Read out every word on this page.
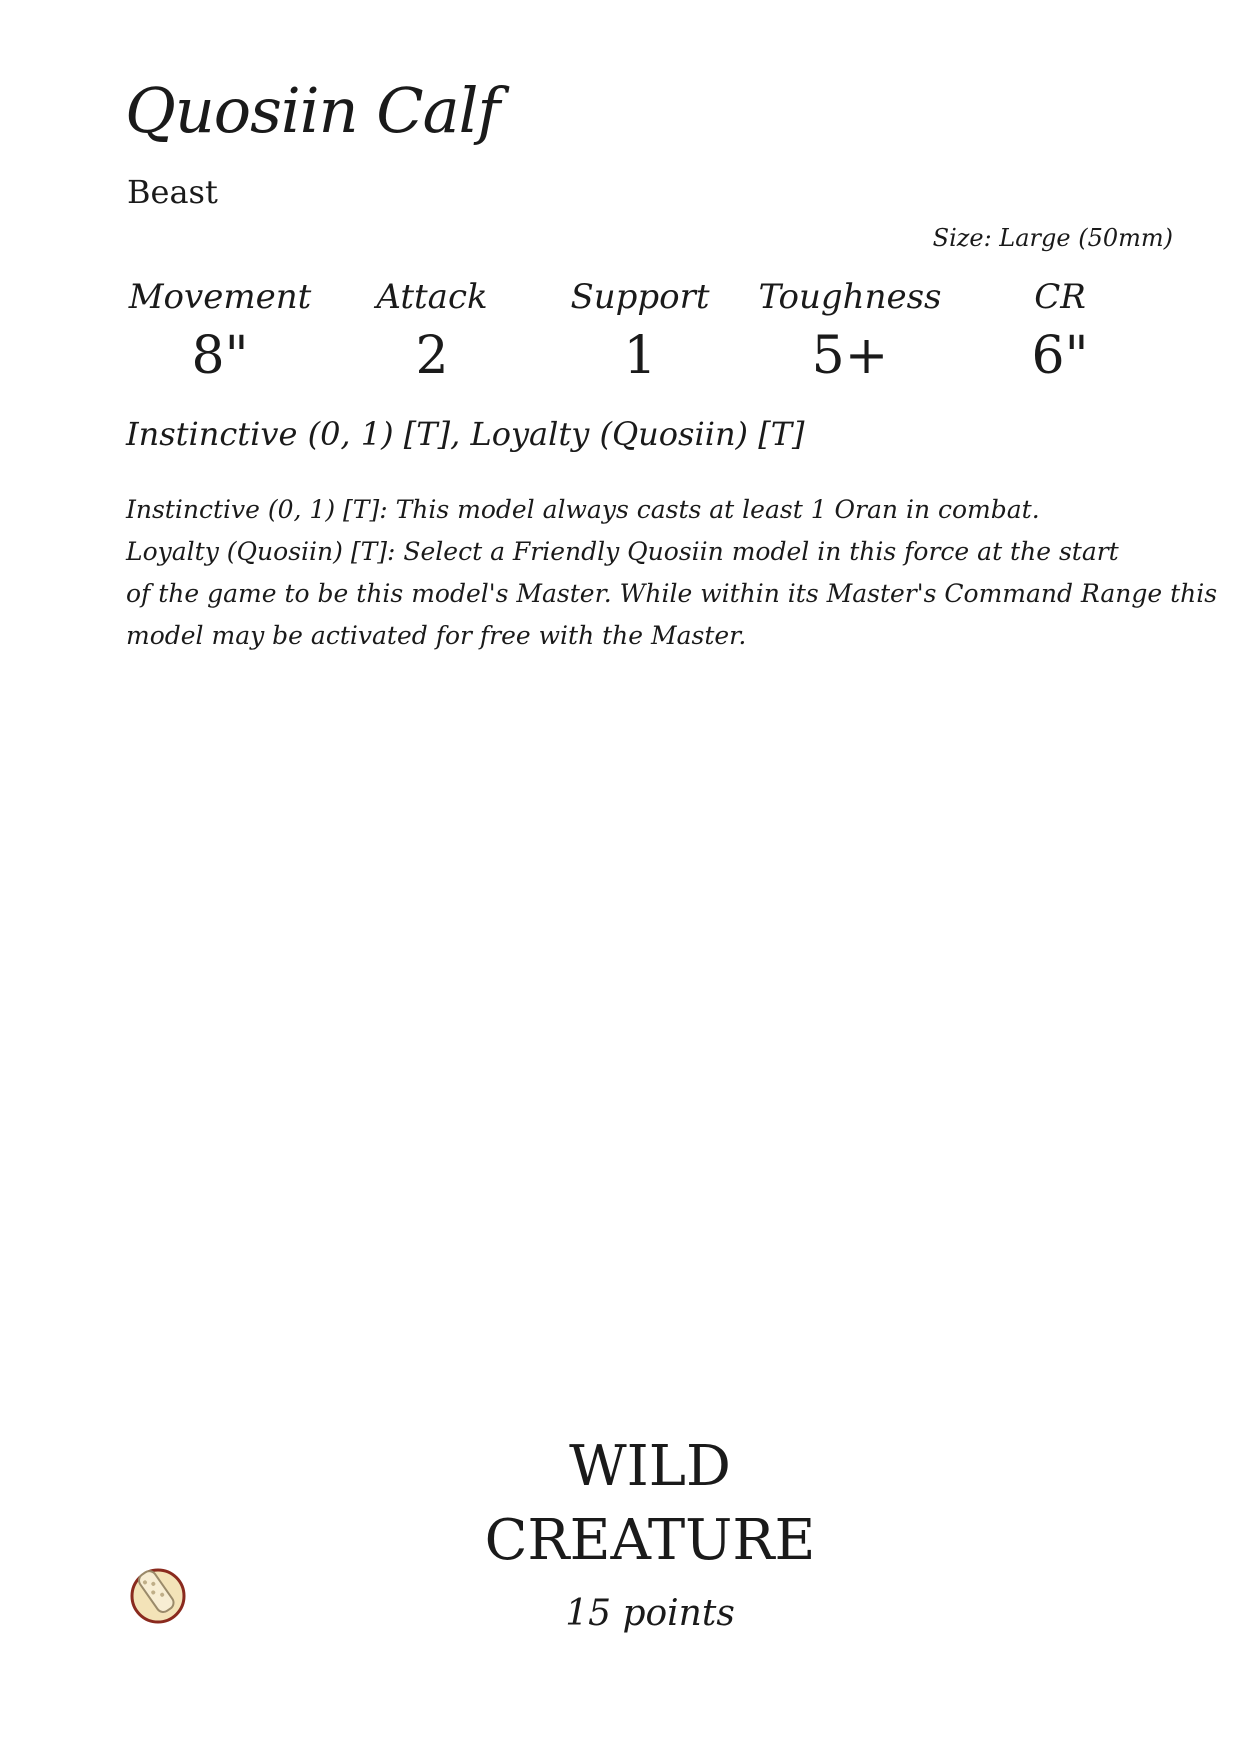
Quosiin Calf
Beast
Size: Large (50mm)
Movement
8"
Attack
2
Support
1
Toughness
5+
CR
6"
Instinctive (0, 1) [T], Loyalty (Quosiin) [T]
Instinctive (0, 1) [T]: This model always casts at least 1 Oran in combat.
Loyalty (Quosiin) [T]: Select a Friendly Quosiin model in this force at the start
of the game to be this model's Master. While within its Master's Command Range this
model may be activated for free with the Master.
WILD
CREATURE
15 points
